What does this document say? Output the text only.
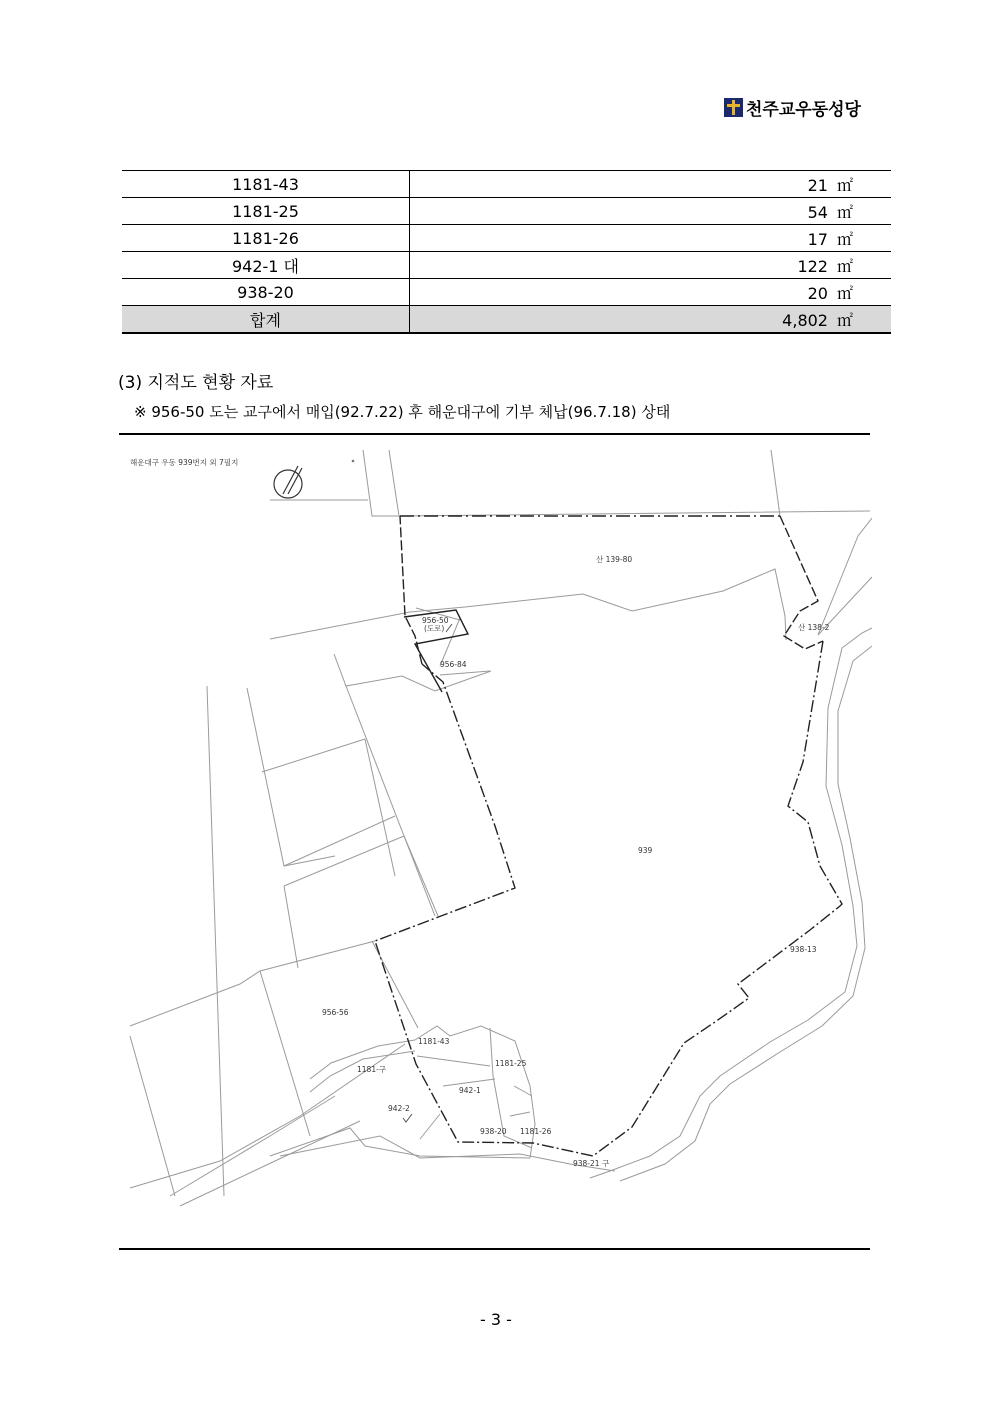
천주교우동성당
1181-43	21 ㎡
1181-25	54 ㎡
1181-26	17 ㎡
942-1 대	122 ㎡
938-20	20 ㎡
합계	4,802 ㎡
(3) 지적도 현황 자료
※ 956-50 도는 교구에서 매입(92.7.22) 후 해운대구에 기부 체납(96.7.18) 상태
해운대구 우동 939번지 외 7필지
산 139-80
산 138-2
956-50
(도로)
956-84
939
938-13
956-56
1181-43
1181-25
1181-구
942-1
942-2
938-20 1181-26
938-21 구
- 3 -
